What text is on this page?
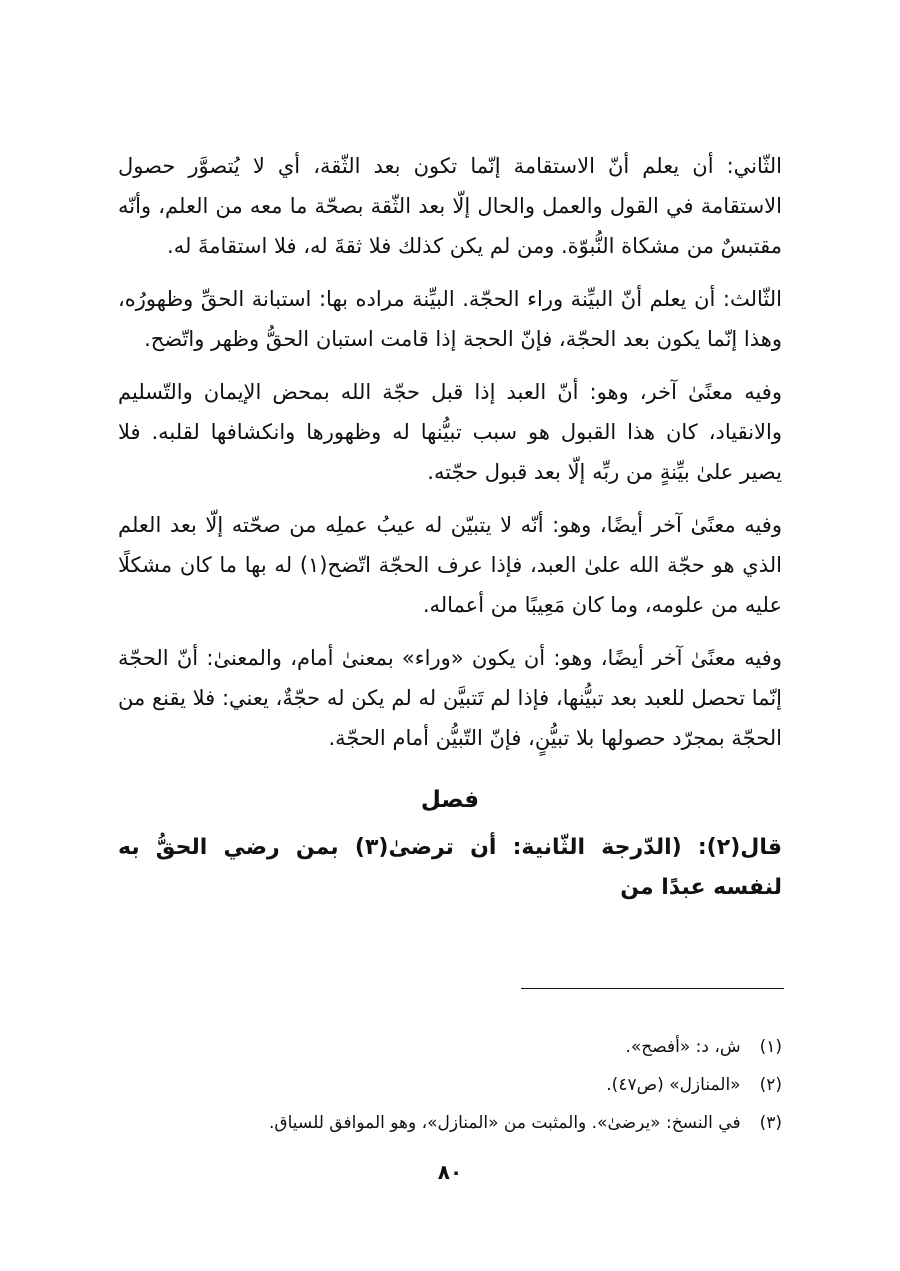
الثّاني: أن يعلم أنّ الاستقامة إنّما تكون بعد الثّقة، أي لا يُتصوَّر حصول الاستقامة في القول والعمل والحال إلّا بعد الثّقة بصحّة ما معه من العلم، وأنّه مقتبسٌ من مشكاة النُّبوّة. ومن لم يكن كذلك فلا ثقةَ له، فلا استقامةَ له.

الثّالث: أن يعلم أنّ البيِّنة وراء الحجّة. البيِّنة مراده بها: استبانة الحقِّ وظهورُه، وهذا إنّما يكون بعد الحجّة، فإنّ الحجة إذا قامت استبان الحقُّ وظهر واتّضح.

وفيه معنًىٰ آخر، وهو: أنّ العبد إذا قبل حجّة الله بمحض الإيمان والتّسليم والانقياد، كان هذا القبول هو سبب تبيُّنها له وظهورها وانكشافها لقلبه. فلا يصير علىٰ بيِّنةٍ من ربِّه إلّا بعد قبول حجّته.

وفيه معنًىٰ آخر أيضًا، وهو: أنّه لا يتبيّن له عيبُ عملِه من صحّته إلّا بعد العلم الذي هو حجّة الله علىٰ العبد، فإذا عرف الحجّة اتّضح(١) له بها ما كان مشكلًا عليه من علومه، وما كان مَعِيبًا من أعماله.

وفيه معنًىٰ آخر أيضًا، وهو: أن يكون «وراء» بمعنىٰ أمام، والمعنىٰ: أنّ الحجّة إنّما تحصل للعبد بعد تبيُّنها، فإذا لم تَتبيَّن له لم يكن له حجّةٌ، يعني: فلا يقنع من الحجّة بمجرّد حصولها بلا تبيُّنٍ، فإنّ التّبيُّن أمام الحجّة.

فصل

قال(٢): (الدّرجة الثّانية: أن ترضىٰ(٣) بمن رضي الحقُّ به لنفسه عبدًا من

(١) ش، د: «أفصح».

(٢) «المنازل» (ص٤٧).

(٣) في النسخ: «يرضىٰ». والمثبت من «المنازل»، وهو الموافق للسياق.

٨٠
